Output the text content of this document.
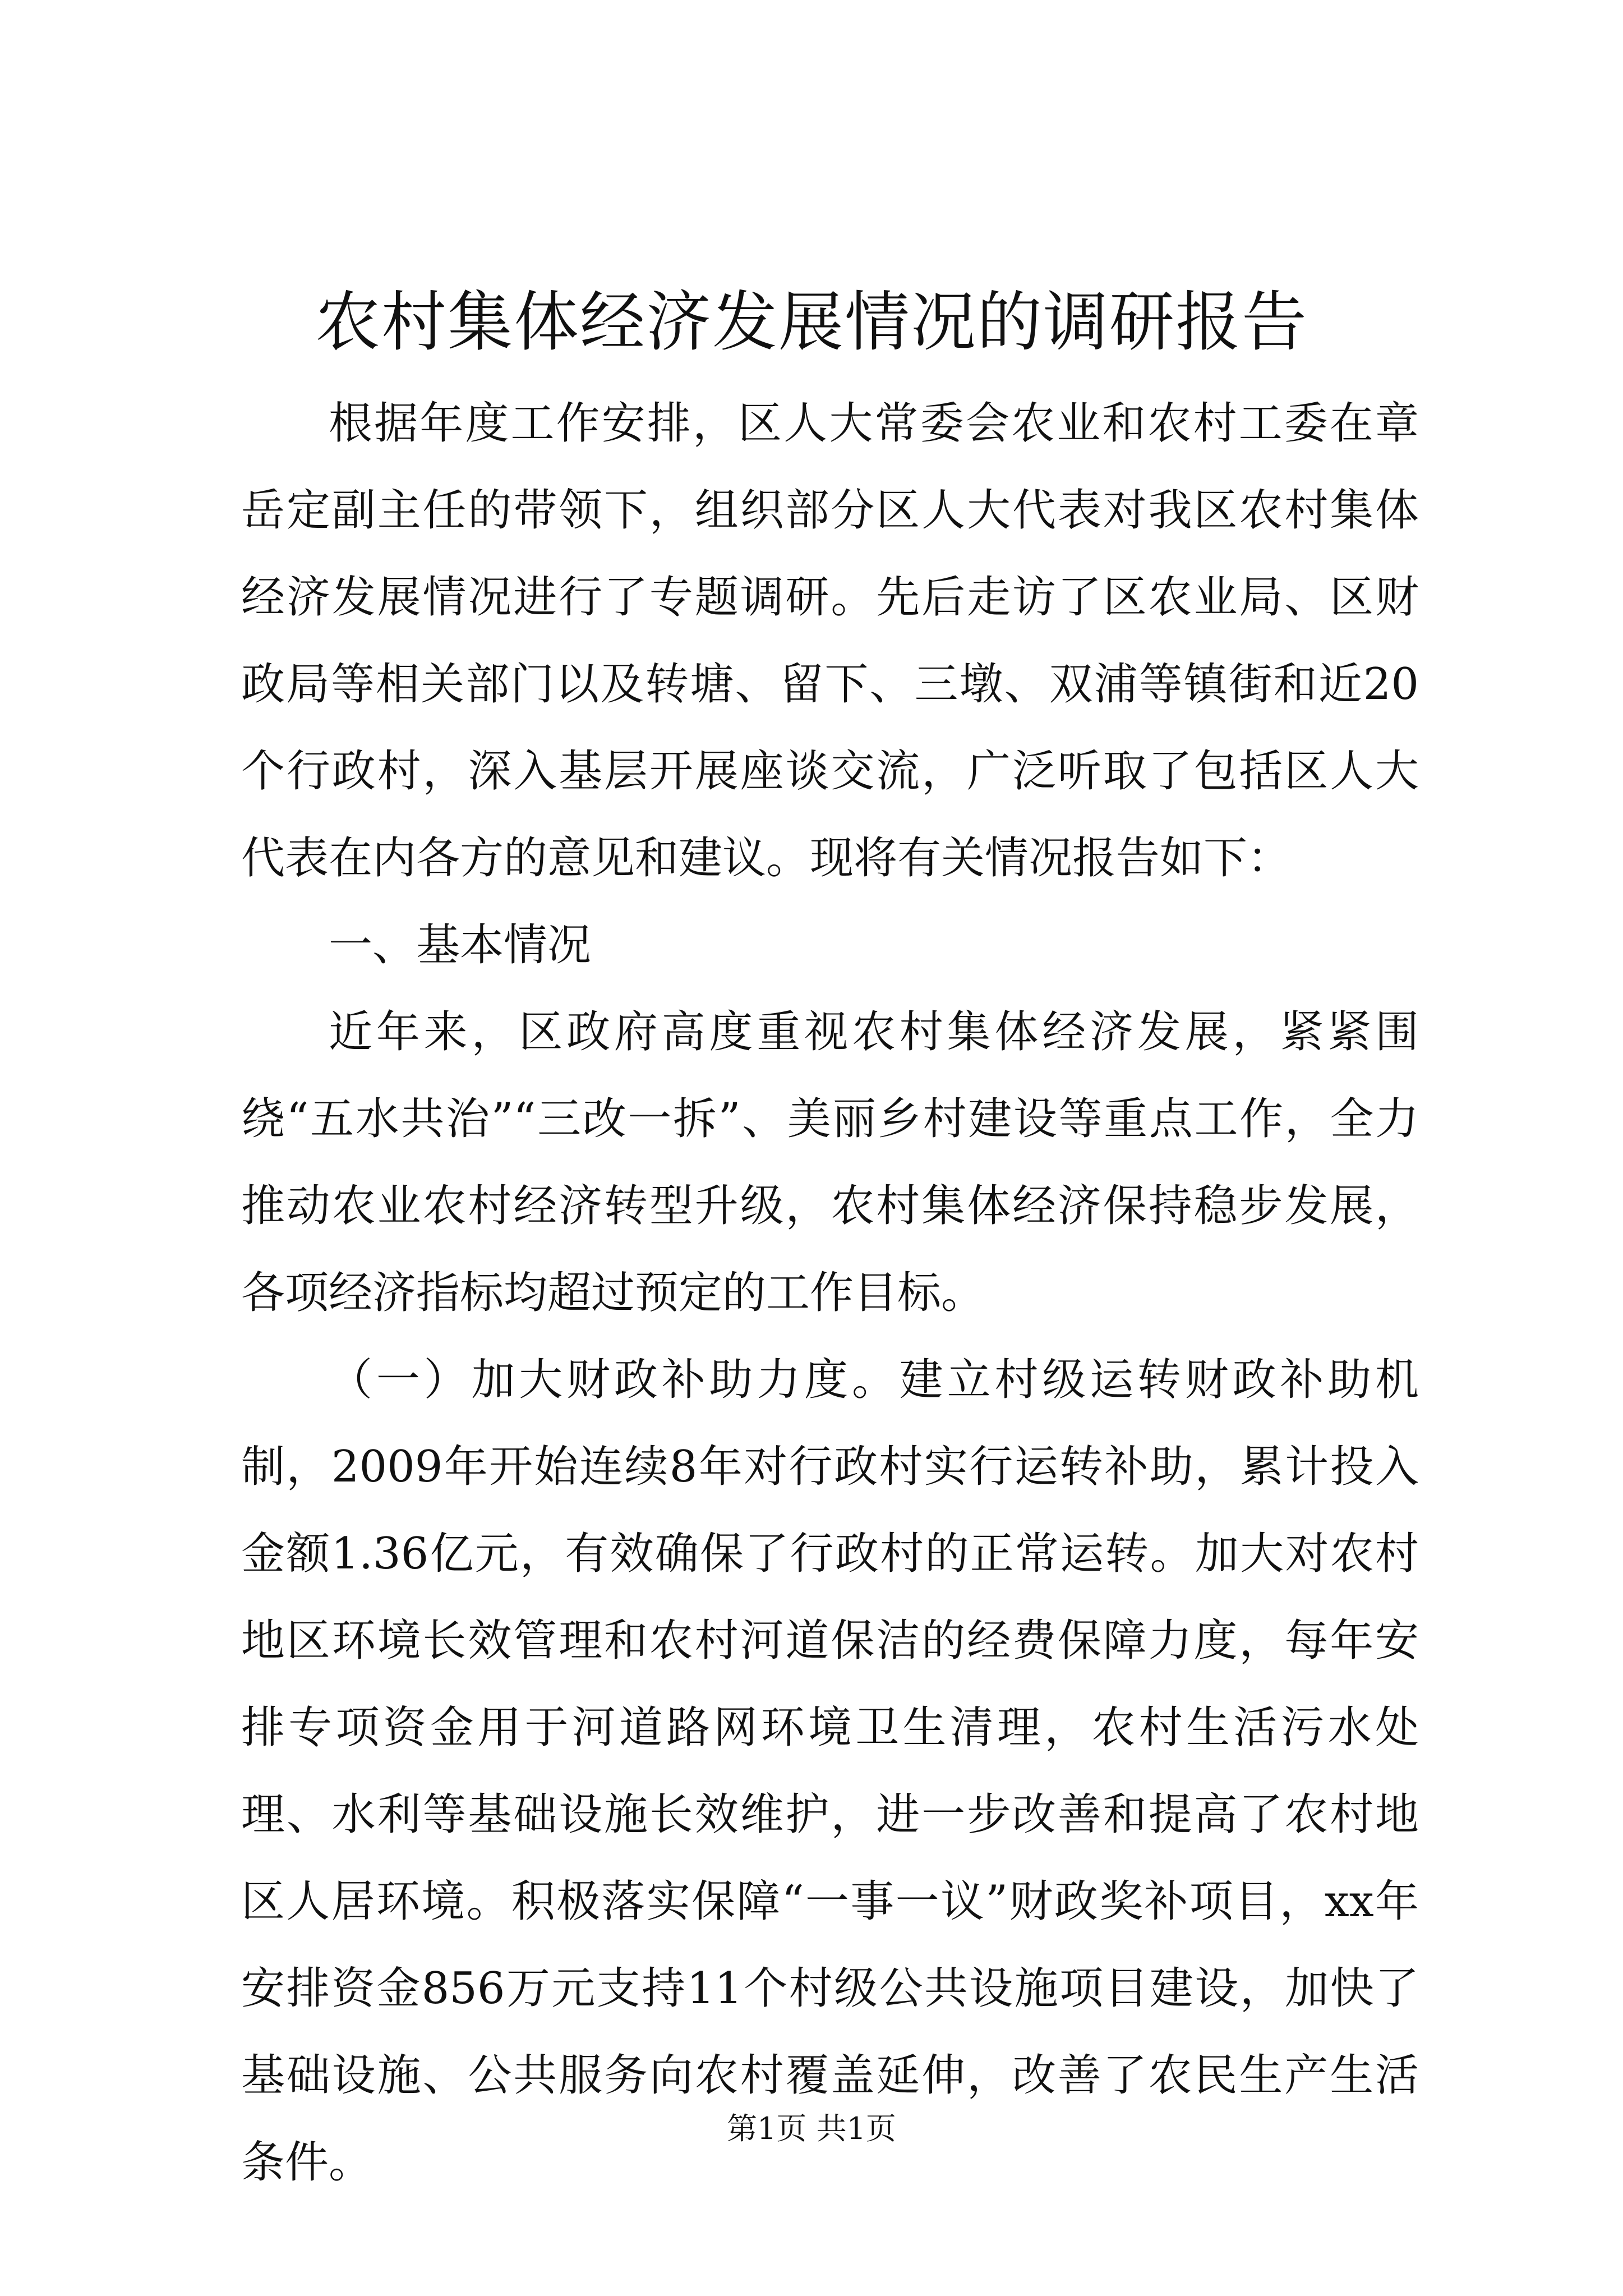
农村集体经济发展情况的调研报告

根据年度工作安排，区人大常委会农业和农村工委在章岳定副主任的带领下，组织部分区人大代表对我区农村集体经济发展情况进行了专题调研。先后走访了区农业局、区财政局等相关部门以及转塘、留下、三墩、双浦等镇街和近20个行政村，深入基层开展座谈交流，广泛听取了包括区人大代表在内各方的意见和建议。现将有关情况报告如下：

一、基本情况

近年来，区政府高度重视农村集体经济发展，紧紧围绕“五水共治”“三改一拆”、美丽乡村建设等重点工作，全力推动农业农村经济转型升级，农村集体经济保持稳步发展，各项经济指标均超过预定的工作目标。

（一）加大财政补助力度。建立村级运转财政补助机制，2009年开始连续8年对行政村实行运转补助，累计投入金额1.36亿元，有效确保了行政村的正常运转。加大对农村地区环境长效管理和农村河道保洁的经费保障力度，每年安排专项资金用于河道路网环境卫生清理，农村生活污水处理、水利等基础设施长效维护，进一步改善和提高了农村地区人居环境。积极落实保障“一事一议”财政奖补项目，xx年安排资金856万元支持11个村级公共设施项目建设，加快了基础设施、公共服务向农村覆盖延伸，改善了农民生产生活条件。

第1页 共1页
